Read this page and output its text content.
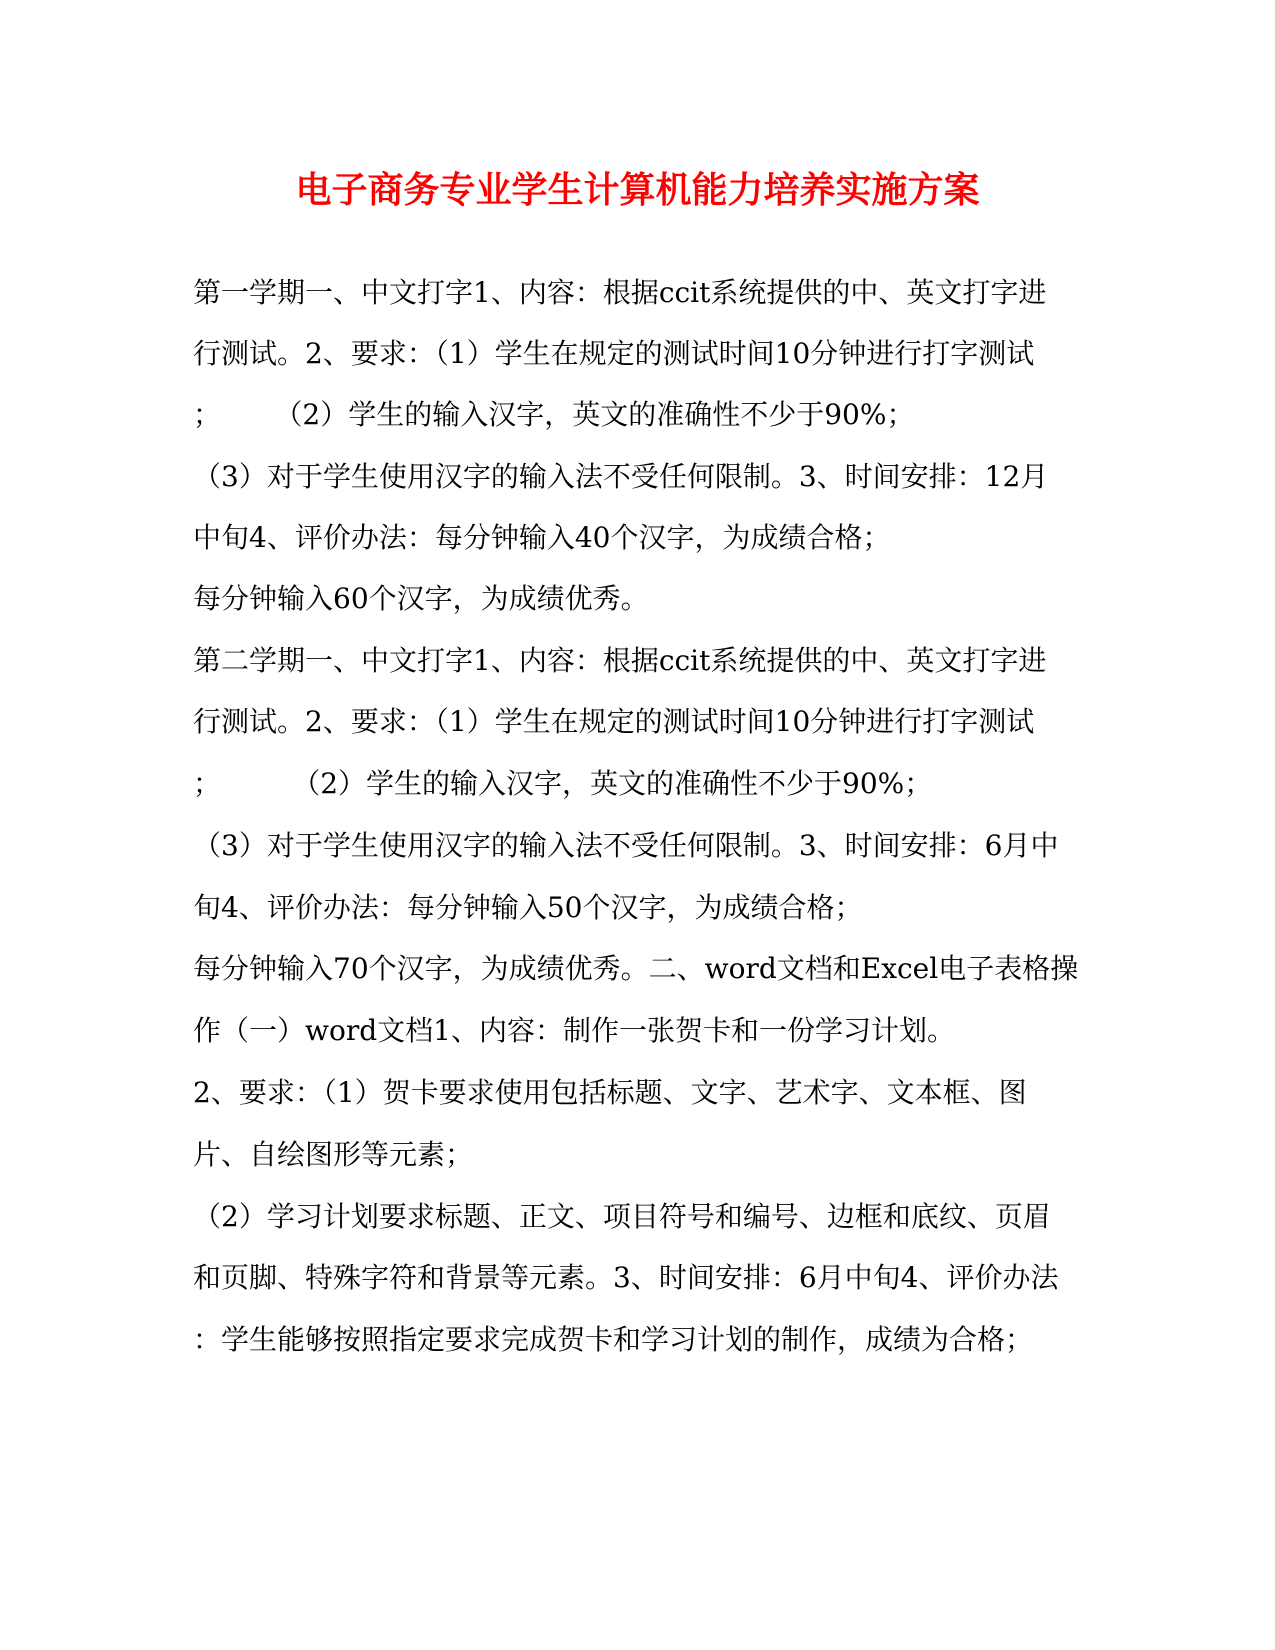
电子商务专业学生计算机能力培养实施方案
第一学期一、中文打字1、内容：根据ccit系统提供的中、英文打字进
行测试。2、要求：（1）学生在规定的测试时间10分钟进行打字测试
；      （2）学生的输入汉字，英文的准确性不少于90%；
（3）对于学生使用汉字的输入法不受任何限制。3、时间安排：12月
中旬4、评价办法：每分钟输入40个汉字，为成绩合格；
每分钟输入60个汉字，为成绩优秀。
第二学期一、中文打字1、内容：根据ccit系统提供的中、英文打字进
行测试。2、要求：（1）学生在规定的测试时间10分钟进行打字测试
；        （2）学生的输入汉字，英文的准确性不少于90%；
（3）对于学生使用汉字的输入法不受任何限制。3、时间安排：6月中
旬4、评价办法：每分钟输入50个汉字，为成绩合格；
每分钟输入70个汉字，为成绩优秀。二、word文档和Excel电子表格操
作（一）word文档1、内容：制作一张贺卡和一份学习计划。
2、要求：（1）贺卡要求使用包括标题、文字、艺术字、文本框、图
片、自绘图形等元素；
（2）学习计划要求标题、正文、项目符号和编号、边框和底纹、页眉
和页脚、特殊字符和背景等元素。3、时间安排：6月中旬4、评价办法
：学生能够按照指定要求完成贺卡和学习计划的制作，成绩为合格；
